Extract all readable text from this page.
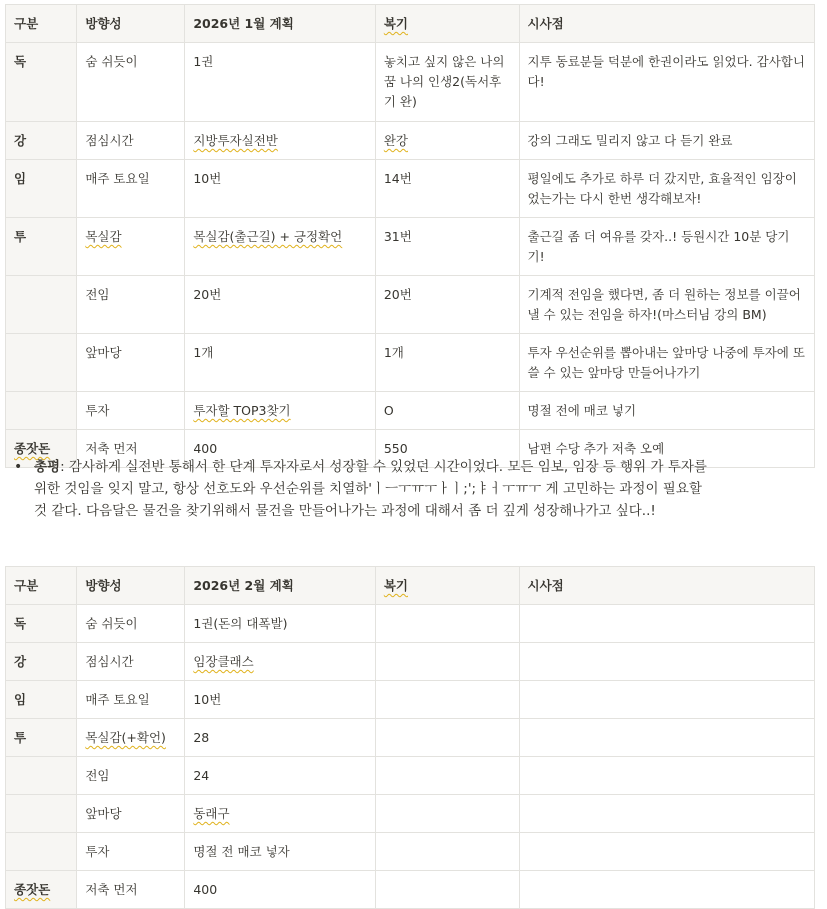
구분	방향성	2026년 1월 계획	복기	시사점
독	숨 쉬듯이	1권	놓치고 싶지 않은 나의 꿈 나의 인생2(독서후기 완)	지투 동료분들 덕분에 한권이라도 읽었다. 감사합니다!
강	점심시간	지방투자실전반	완강	강의 그래도 밀리지 않고 다 듣기 완료
임	매주 토요일	10번	14번	평일에도 추가로 하루 더 갔지만, 효율적인 임장이었는가는 다시 한번 생각해보자!
투	목실감	목실감(출근길) + 긍정확언	31번	출근길 좀 더 여유를 갖자..! 등원시간 10분 당기기!
	전임	20번	20번	기계적 전임을 했다면, 좀 더 원하는 정보를 이끌어낼 수 있는 전임을 하자!(마스터님 강의 BM)
	앞마당	1개	1개	투자 우선순위를 뽑아내는 앞마당 나중에 투자에 또 쓸 수 있는 앞마당 만들어나가기
	투자	투자할 TOP3찾기	O	명절 전에 매코 넣기
종잣돈	저축 먼저	400	550	남편 수당 추가 저축 오예
• 총평: 감사하게 실전반 통해서 한 단계 투자자로서 성장할 수 있었던 시간이었다. 모든 임보, 임장 등 행위 가 투자를 위한 것임을 잊지 말고, 항상 선호도와 우선순위를 치열하'ㅣㅡㅜㅠㅜㅏㅣ;';ㅑㅓㅜㅠㅜ 게 고민하는 과정이 필요할 것 같다. 다음달은 물건을 찾기위해서 물건을 만들어나가는 과정에 대해서 좀 더 깊게 성장해나가고 싶다..!
구분	방향성	2026년 2월 계획	복기	시사점
독	숨 쉬듯이	1권(돈의 대폭발)		
강	점심시간	임장클래스		
임	매주 토요일	10번		
투	목실감(+확언)	28		
	전임	24		
	앞마당	동래구		
	투자	명절 전 매코 넣자		
종잣돈	저축 먼저	400		
